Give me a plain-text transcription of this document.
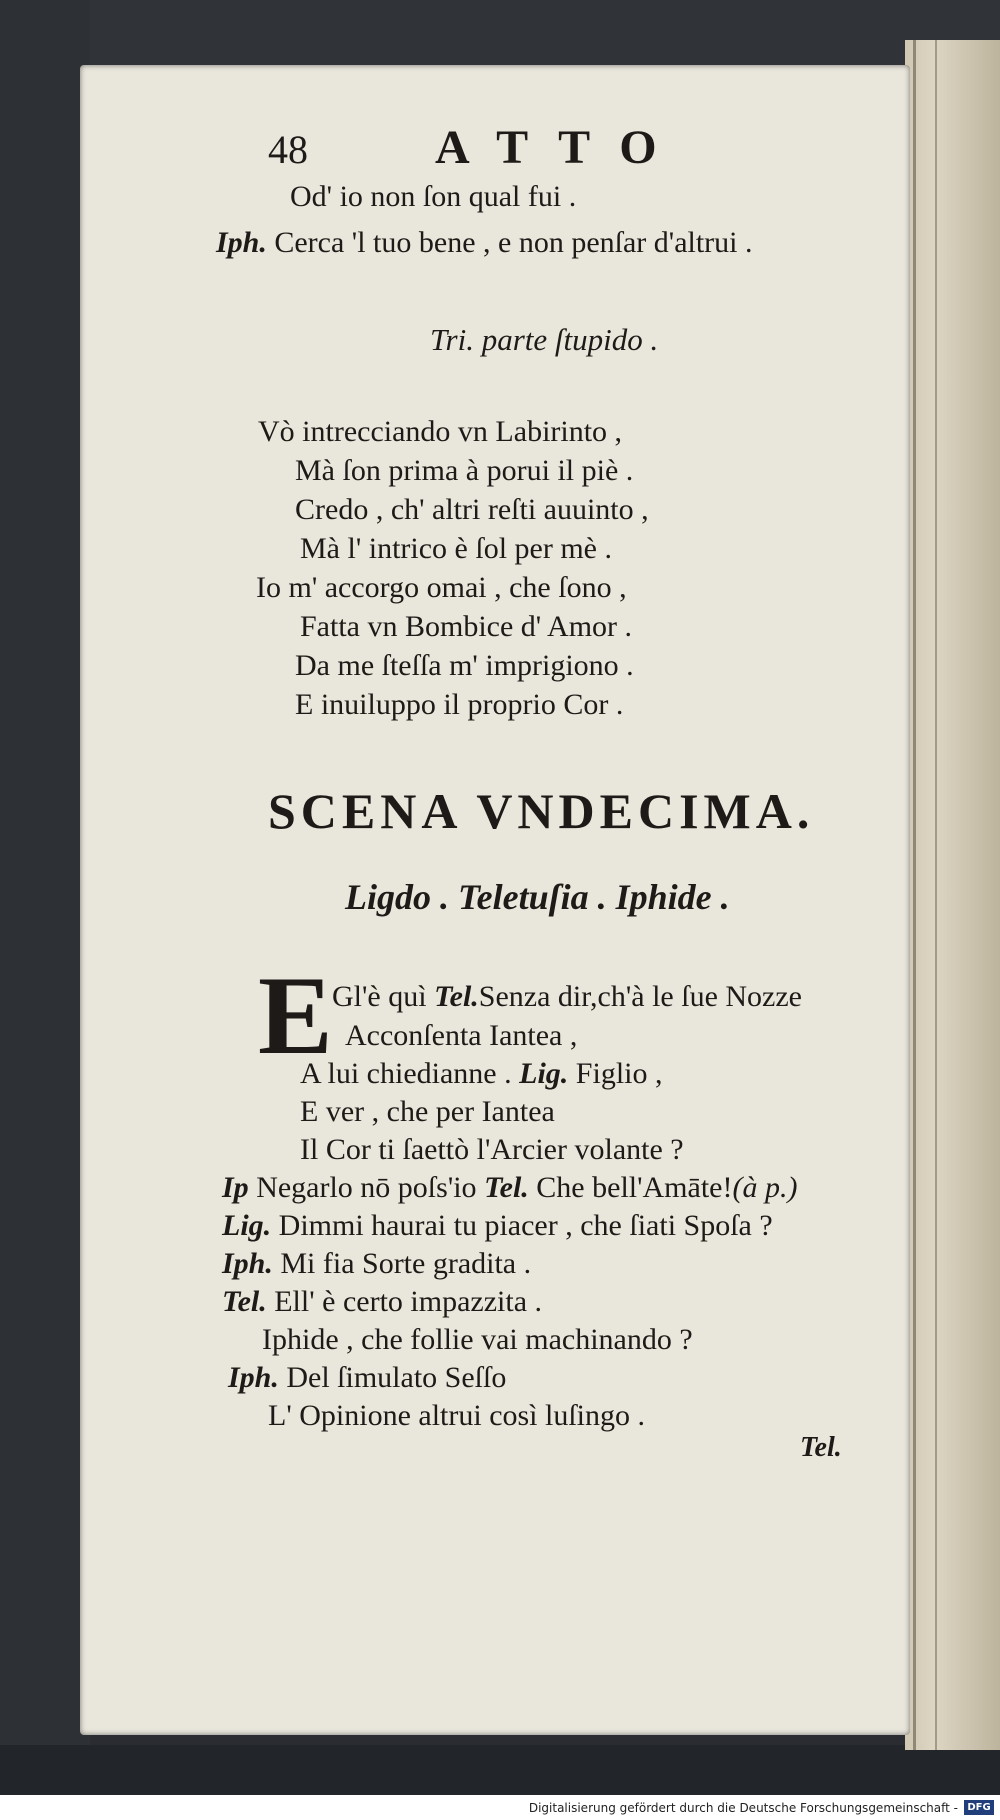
48	ATTO
Od' io non ſon qual fui .
Iph. Cerca 'l tuo bene , e non penſar d'altrui .
Tri. parte ſtupido .
Vò intrecciando vn Labirinto ,
Mà ſon prima à porui il piè .
Credo , ch' altri reſti auuinto ,
Mà l' intrico è ſol per mè .
Io m' accorgo omai , che ſono ,
Fatta vn Bombice d' Amor .
Da me ſteſſa m' imprigiono .
E inuiluppo il proprio Cor .
SCENA VNDECIMA.
Ligdo . Teletuſia . Iphide .
E Gl'è quì Tel.Senza dir,ch'à le ſue Nozze
Acconſenta Iantea ,
A lui chiedianne . Lig. Figlio ,
E ver , che per Iantea
Il Cor ti ſaettò l'Arcier volante ?
Ip Negarlo nō poſs'io Tel. Che bell'Amāte!(à p.)
Lig. Dimmi haurai tu piacer , che ſiati Spoſa ?
Iph. Mi fia Sorte gradita .
Tel. Ell' è certo impazzita .
Iphide , che follie vai machinando ?
Iph. Del ſimulato Seſſo
L' Opinione altrui così luſingo .
Tel.
Digitalisierung gefördert durch die Deutsche Forschungsgemeinschaft - DFG
